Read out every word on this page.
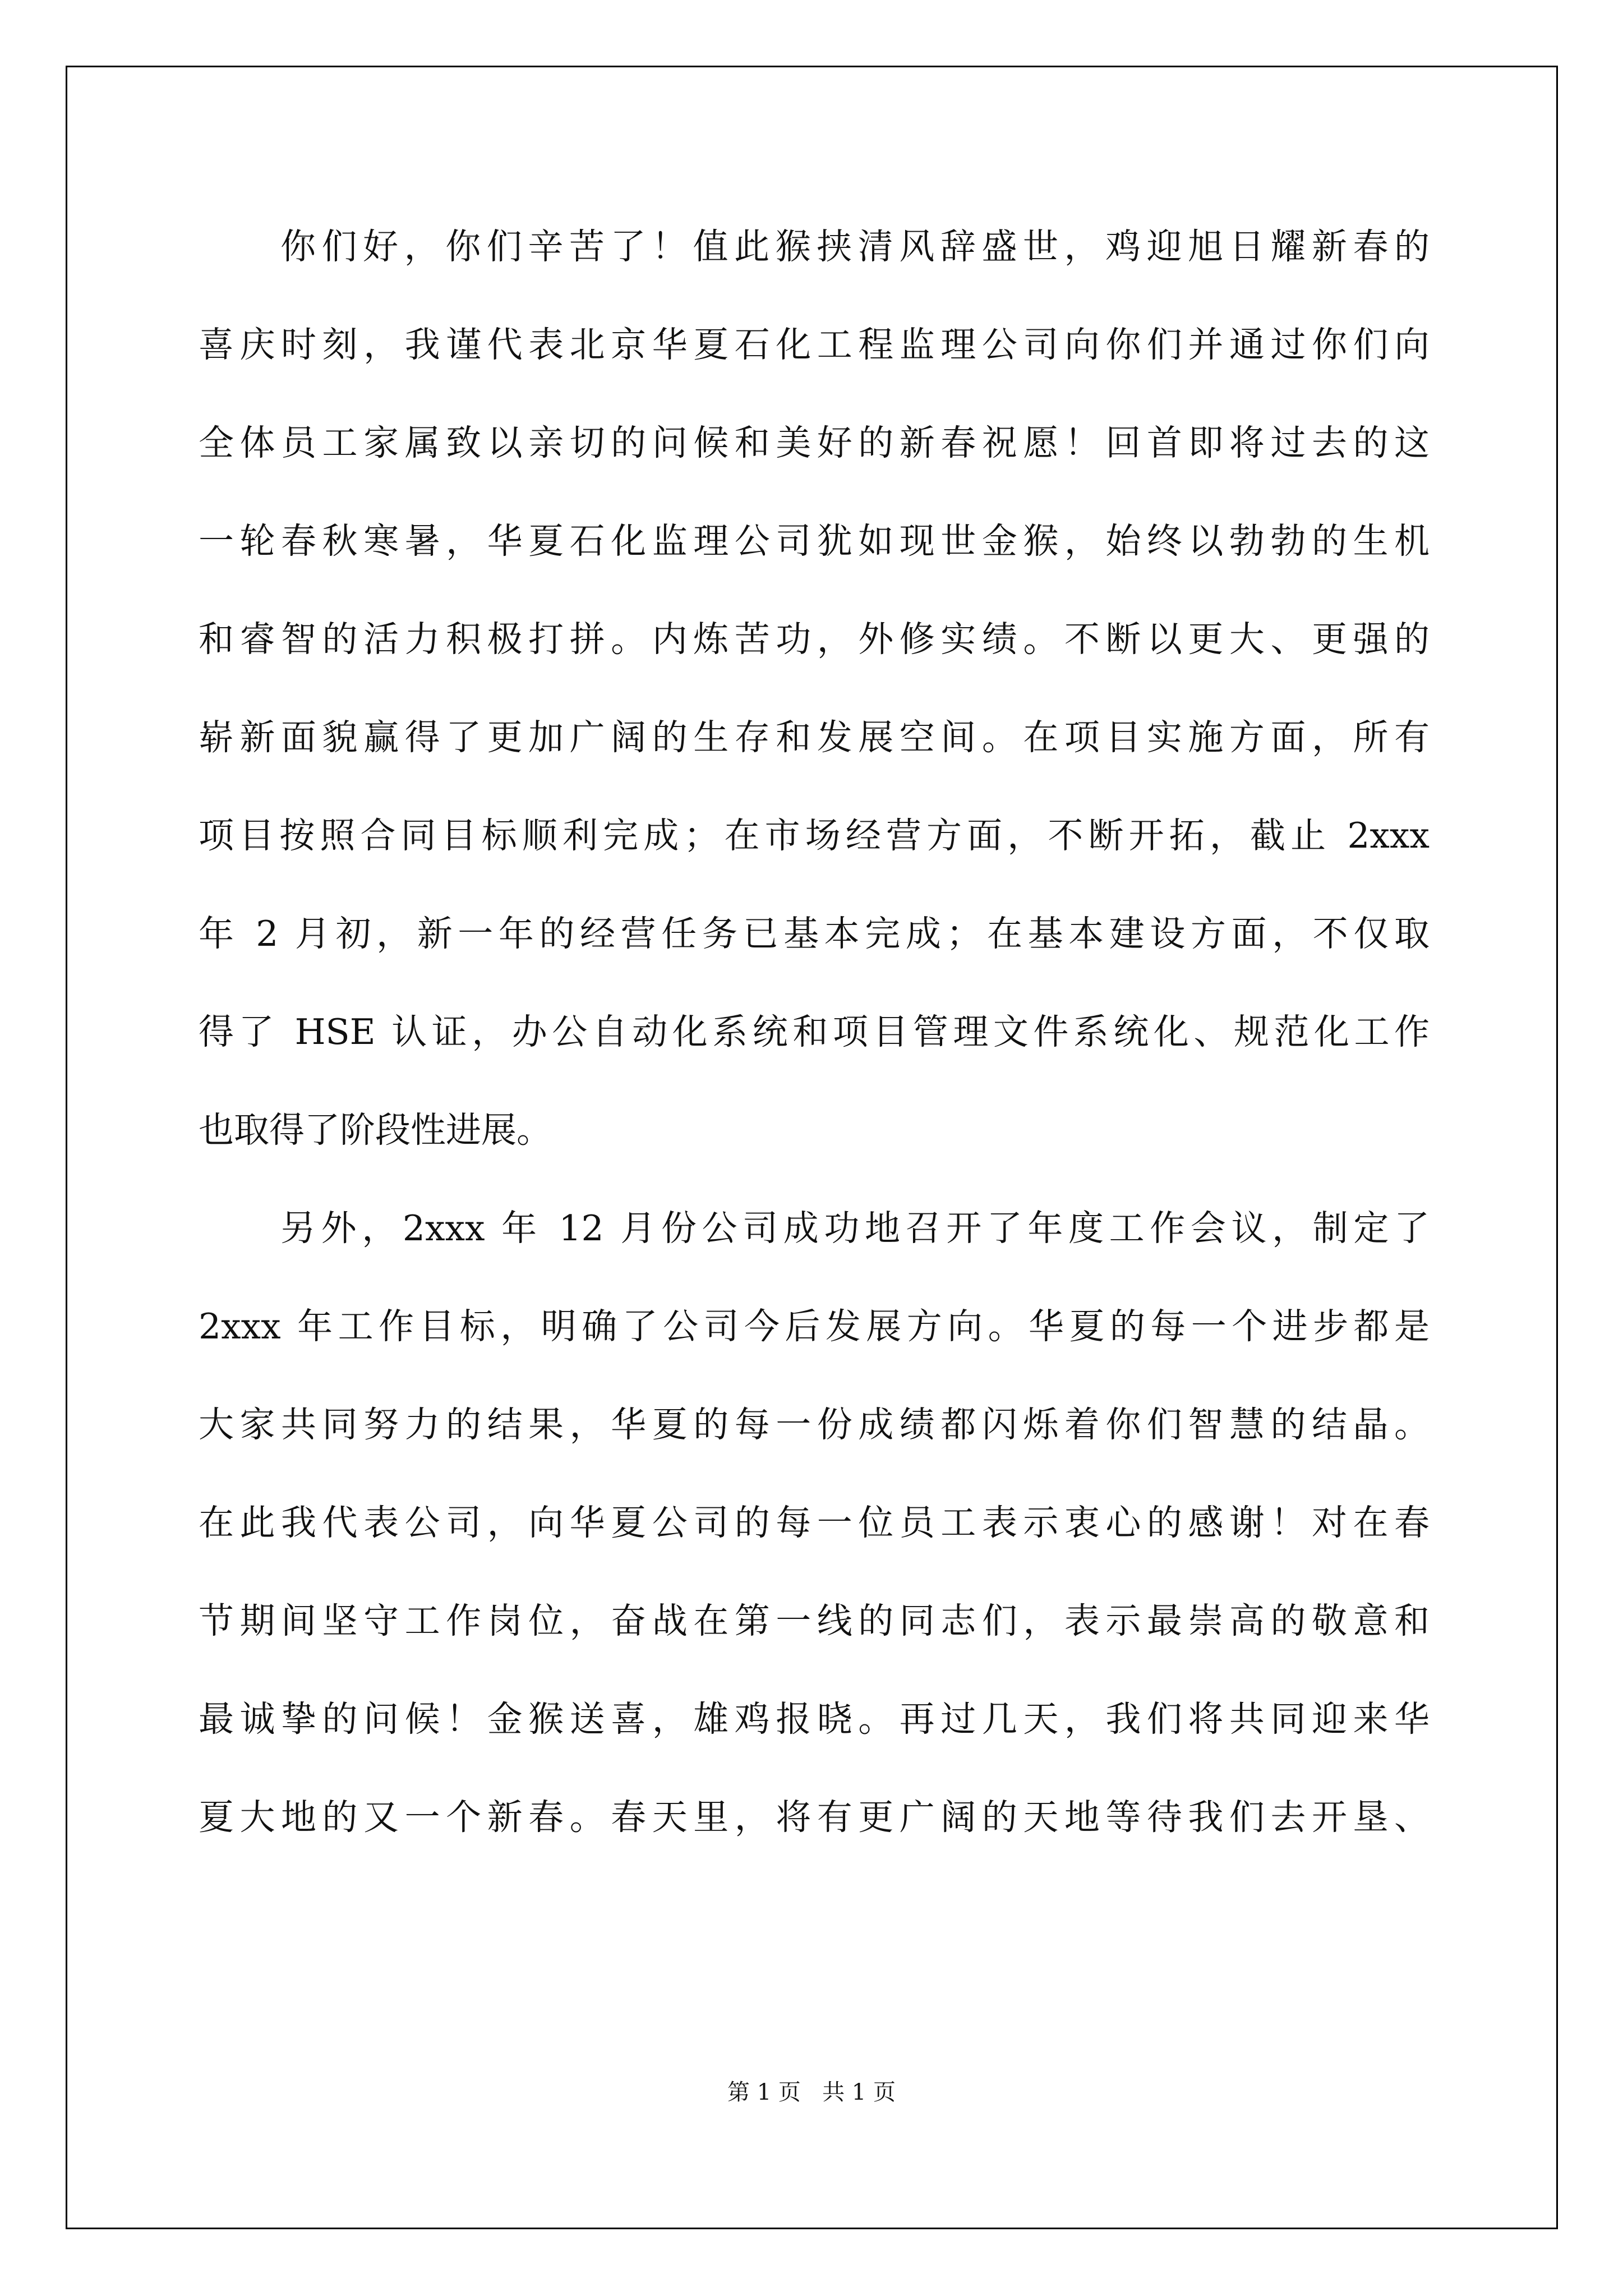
你们好，你们辛苦了！值此猴挟清风辞盛世，鸡迎旭日耀新春的
喜庆时刻，我谨代表北京华夏石化工程监理公司向你们并通过你们向
全体员工家属致以亲切的问候和美好的新春祝愿！回首即将过去的这
一轮春秋寒暑，华夏石化监理公司犹如现世金猴，始终以勃勃的生机
和睿智的活力积极打拼。内炼苦功，外修实绩。不断以更大、更强的
崭新面貌赢得了更加广阔的生存和发展空间。在项目实施方面，所有
项目按照合同目标顺利完成；在市场经营方面，不断开拓，截止 2xxx
年 2 月初，新一年的经营任务已基本完成；在基本建设方面，不仅取
得了 HSE 认证，办公自动化系统和项目管理文件系统化、规范化工作
也取得了阶段性进展。
另外，2xxx 年 12 月份公司成功地召开了年度工作会议，制定了
2xxx 年工作目标，明确了公司今后发展方向。华夏的每一个进步都是
大家共同努力的结果，华夏的每一份成绩都闪烁着你们智慧的结晶。
在此我代表公司，向华夏公司的每一位员工表示衷心的感谢！对在春
节期间坚守工作岗位，奋战在第一线的同志们，表示最崇高的敬意和
最诚挚的问候！金猴送喜，雄鸡报晓。再过几天，我们将共同迎来华
夏大地的又一个新春。春天里，将有更广阔的天地等待我们去开垦、
第 1 页   共 1 页
